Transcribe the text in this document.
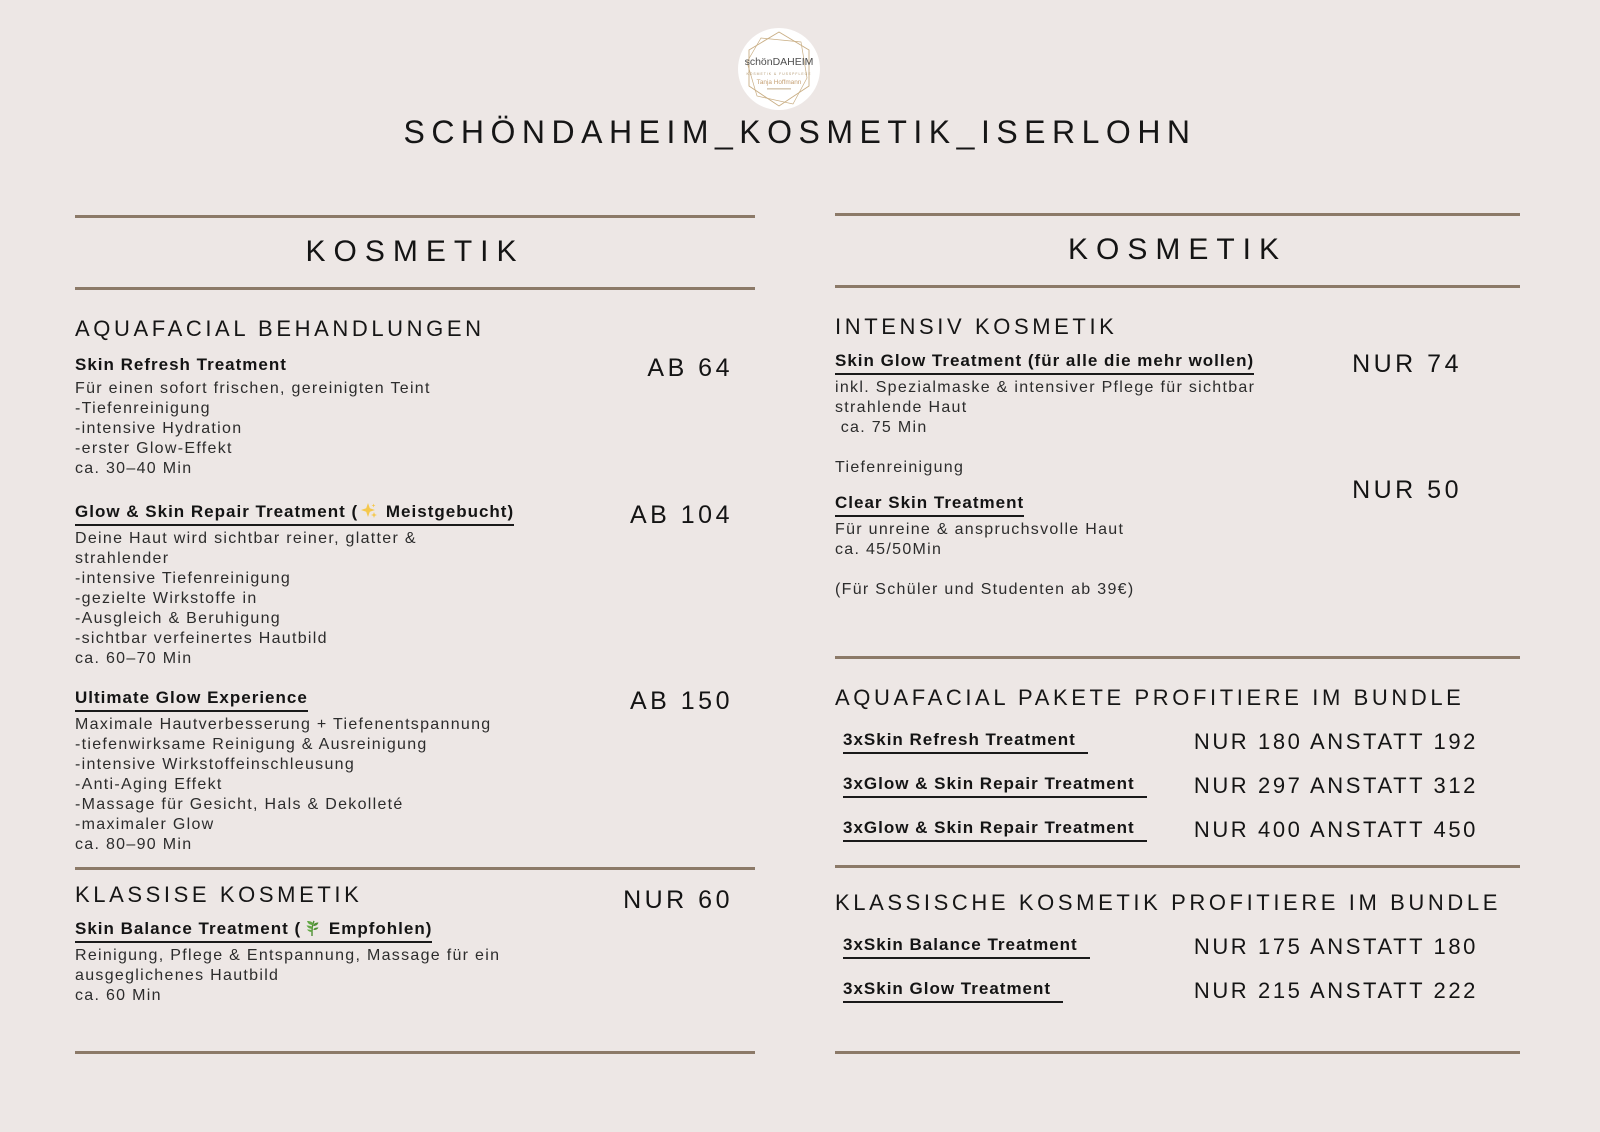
schönDAHEIM
KOSMETIK & FUSSPFLEGE
Tanja Hoffmann
SCHÖNDAHEIM_KOSMETIK_ISERLOHN
KOSMETIK
AQUAFACIAL BEHANDLUNGEN
Skin Refresh Treatment
Für einen sofort frischen, gereinigten Teint
-Tiefenreinigung
-intensive Hydration
-erster Glow-Effekt
ca. 30–40 Min
AB 64
Glow & Skin Repair Treatment ( Meistgebucht)
Deine Haut wird sichtbar reiner, glatter &
strahlender
-intensive Tiefenreinigung
-gezielte Wirkstoffe in
-Ausgleich & Beruhigung
-sichtbar verfeinertes Hautbild
ca. 60–70 Min
AB 104
Ultimate Glow Experience
Maximale Hautverbesserung + Tiefenentspannung
-tiefenwirksame Reinigung & Ausreinigung
-intensive Wirkstoffeinschleusung
-Anti-Aging Effekt
-Massage für Gesicht, Hals & Dekolleté
-maximaler Glow
ca. 80–90 Min
AB 150
KLASSISE KOSMETIK
Skin Balance Treatment ( Empfohlen)
Reinigung, Pflege & Entspannung, Massage für ein
ausgeglichenes Hautbild
ca. 60 Min
NUR 60
KOSMETIK
INTENSIV KOSMETIK
Skin Glow Treatment (für alle die mehr wollen)
inkl. Spezialmaske & intensiver Pflege für sichtbar
strahlende Haut
ca. 75 Min
Tiefenreinigung
NUR 74
Clear Skin Treatment
Für unreine & anspruchsvolle Haut
ca. 45/50Min
(Für Schüler und Studenten ab 39€)
NUR 50
AQUAFACIAL PAKETE PROFITIERE IM BUNDLE
3xSkin Refresh Treatment	NUR 180 ANSTATT 192
3xGlow & Skin Repair Treatment	NUR 297 ANSTATT 312
3xGlow & Skin Repair Treatment	NUR 400 ANSTATT 450
KLASSISCHE KOSMETIK PROFITIERE IM BUNDLE
3xSkin Balance Treatment	NUR 175 ANSTATT 180
3xSkin Glow Treatment	NUR 215 ANSTATT 222
